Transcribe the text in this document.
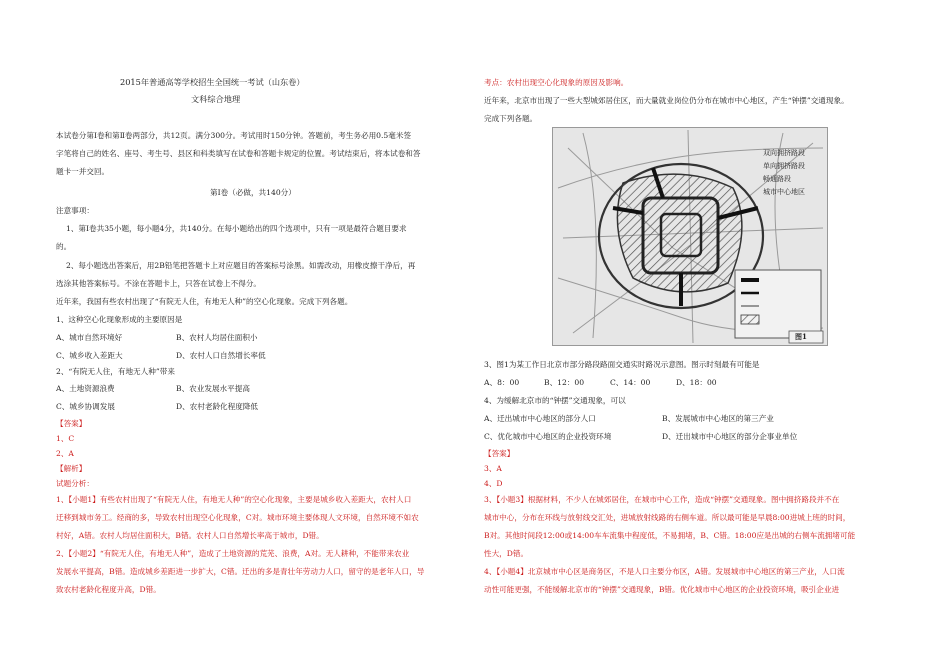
2015年普通高等学校招生全国统一考试（山东卷）
文科综合地理
本试卷分第Ⅰ卷和第Ⅱ卷两部分，共12页。满分300分。考试用时150分钟。答题前，考生务必用0.5毫米签
字笔将自己的姓名、座号、考生号、县区和科类填写在试卷和答题卡规定的位置。考试结束后，将本试卷和答
题卡一并交回。
第Ⅰ卷（必做，共140分）
注意事项：
1、第Ⅰ卷共35小题，每小题4分，共140分。在每小题给出的四个选项中，只有一项是最符合题目要求
的。
2、每小题选出答案后，用2B铅笔把答题卡上对应题目的答案标号涂黑。如需改动，用橡皮擦干净后，再
选涂其他答案标号。不涂在答题卡上，只答在试卷上不得分。
近年来，我国有些农村出现了“有院无人住，有地无人种”的空心化现象。完成下列各题。
1、这种空心化现象形成的主要原因是
A、城市自然环境好	B、农村人均居住面积小
C、城乡收入差距大	D、农村人口自然增长率低
2、“有院无人住，有地无人种”带来
A、土地资源浪费	B、农业发展水平提高
C、城乡协调发展	D、农村老龄化程度降低
【答案】
1、C
2、A
【解析】
试题分析：
1、【小题1】有些农村出现了“有院无人住，有地无人种”的空心化现象，主要是城乡收入差距大，农村人口
迁移到城市务工。经商的多，导致农村出现空心化现象，C对。城市环境主要体现人文环境，自然环境不如农
村好，A错。农村人均居住面积大，B错。农村人口自然增长率高于城市，D错。
2、【小题2】“有院无人住，有地无人种”，造成了土地资源的荒芜、浪费，A对。无人耕种，不能带来农业
发展水平提高，B错。造成城乡差距进一步扩大，C错。迁出的多是青壮年劳动力人口，留守的是老年人口，导
致农村老龄化程度升高，D错。
考点：农村出现空心化现象的原因及影响。
近年来，北京市出现了一些大型城郊居住区，而大量就业岗位仍分布在城市中心地区，产生“钟摆”交通现象。
完成下列各题。
双向拥挤路段
单向拥挤路段
畅通路段
城市中心地区
图1
3、图1为某工作日北京市部分路段路面交通实时路况示意图。图示时刻最有可能是
A、8：00	B、12：00	C、14：00	D、18：00
4、为缓解北京市的“钟摆”交通现象，可以
A、迁出城市中心地区的部分人口	B、发展城市中心地区的第三产业
C、优化城市中心地区的企业投资环境	D、迁出城市中心地区的部分企事业单位
【答案】
3、A
4、D
3、【小题3】根据材料，不少人在城郊居住，在城市中心工作，造成“钟摆”交通现象。图中拥挤路段并不在
城市中心，分布在环线与放射线交汇处，进城放射线路的右侧车道。所以最可能是早晨8:00进城上班的时间，
B对。其他时间段12:00或14:00车车流集中程度低，不易拥堵，B、C错。18:00应是出城的右侧车流拥堵可能
性大，D错。
4、【小题4】北京城市中心区是商务区，不是人口主要分布区，A错。发展城市中心地区的第三产业，人口流
动性可能更强，不能缓解北京市的“钟摆”交通现象，B错。优化城市中心地区的企业投资环境，吸引企业进
